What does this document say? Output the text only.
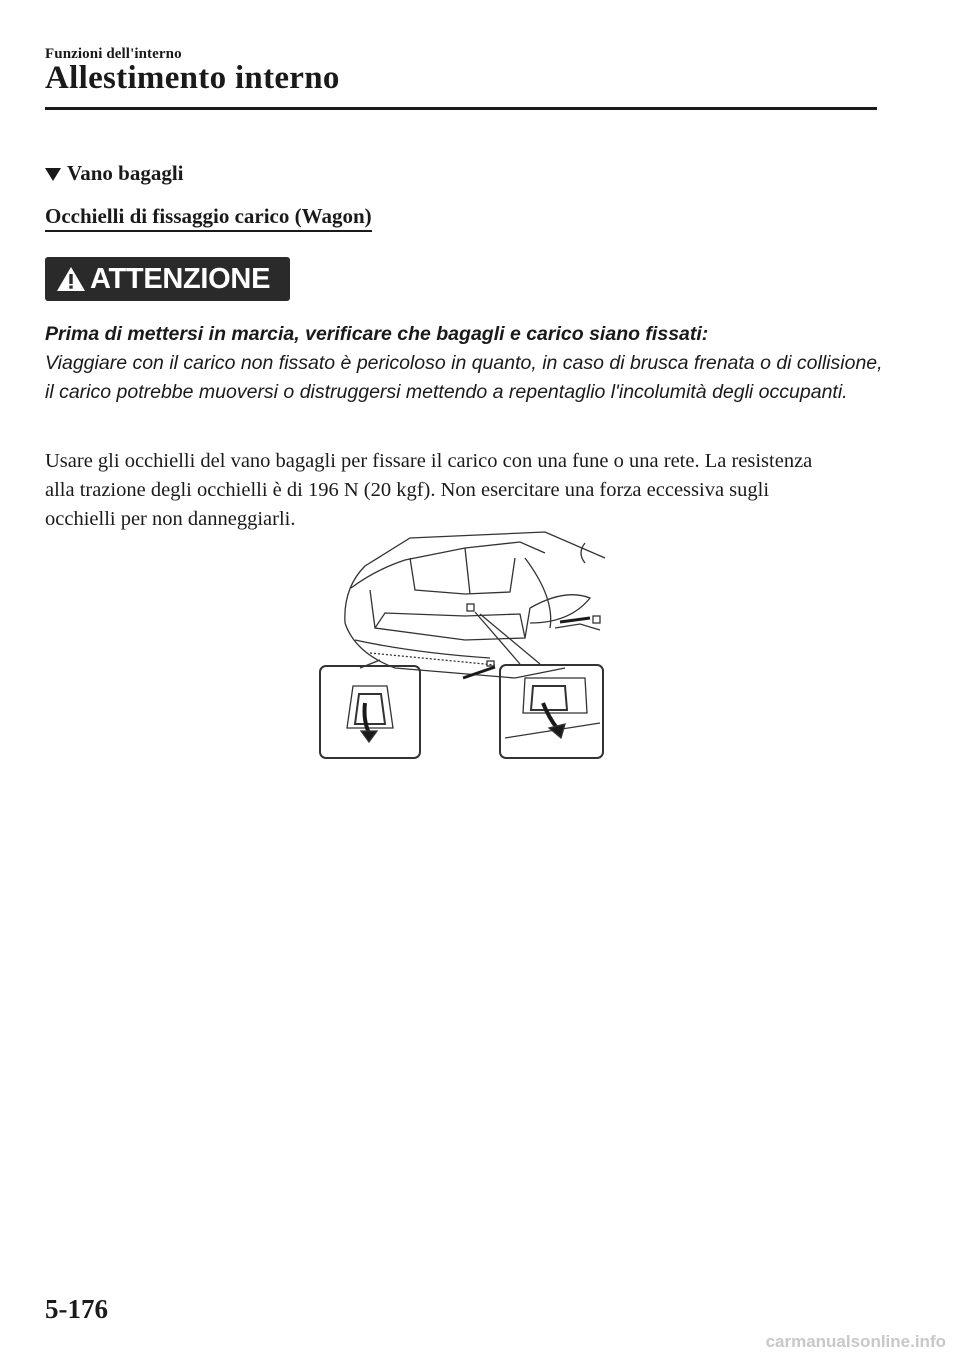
Funzioni dell'interno
Allestimento interno
Vano bagagli
Occhielli di fissaggio carico (Wagon)
ATTENZIONE
Prima di mettersi in marcia, verificare che bagagli e carico siano fissati:
Viaggiare con il carico non fissato è pericoloso in quanto, in caso di brusca frenata o di collisione, il carico potrebbe muoversi o distruggersi mettendo a repentaglio l'incolumità degli occupanti.
Usare gli occhielli del vano bagagli per fissare il carico con una fune o una rete. La resistenza alla trazione degli occhielli è di 196 N (20 kgf). Non esercitare una forza eccessiva sugli occhielli per non danneggiarli.
5-176
carmanualsonline.info
